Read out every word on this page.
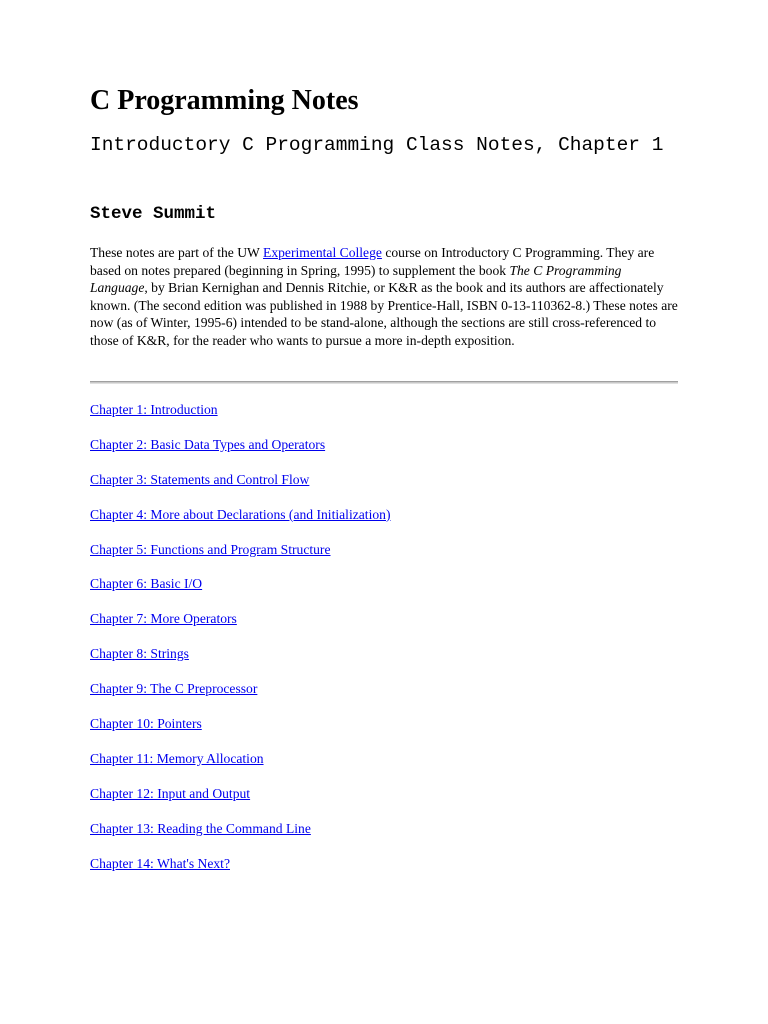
C Programming Notes
Introductory C Programming Class Notes, Chapter 1
Steve Summit

These notes are part of the UW Experimental College course on Introductory C Programming. They are based on notes prepared (beginning in Spring, 1995) to supplement the book The C Programming Language, by Brian Kernighan and Dennis Ritchie, or K&R as the book and its authors are affectionately known. (The second edition was published in 1988 by Prentice-Hall, ISBN 0-13-110362-8.) These notes are now (as of Winter, 1995-6) intended to be stand-alone, although the sections are still cross-referenced to those of K&R, for the reader who wants to pursue a more in-depth exposition.

Chapter 1: Introduction
Chapter 2: Basic Data Types and Operators
Chapter 3: Statements and Control Flow
Chapter 4: More about Declarations (and Initialization)
Chapter 5: Functions and Program Structure
Chapter 6: Basic I/O
Chapter 7: More Operators
Chapter 8: Strings
Chapter 9: The C Preprocessor
Chapter 10: Pointers
Chapter 11: Memory Allocation
Chapter 12: Input and Output
Chapter 13: Reading the Command Line
Chapter 14: What's Next?
